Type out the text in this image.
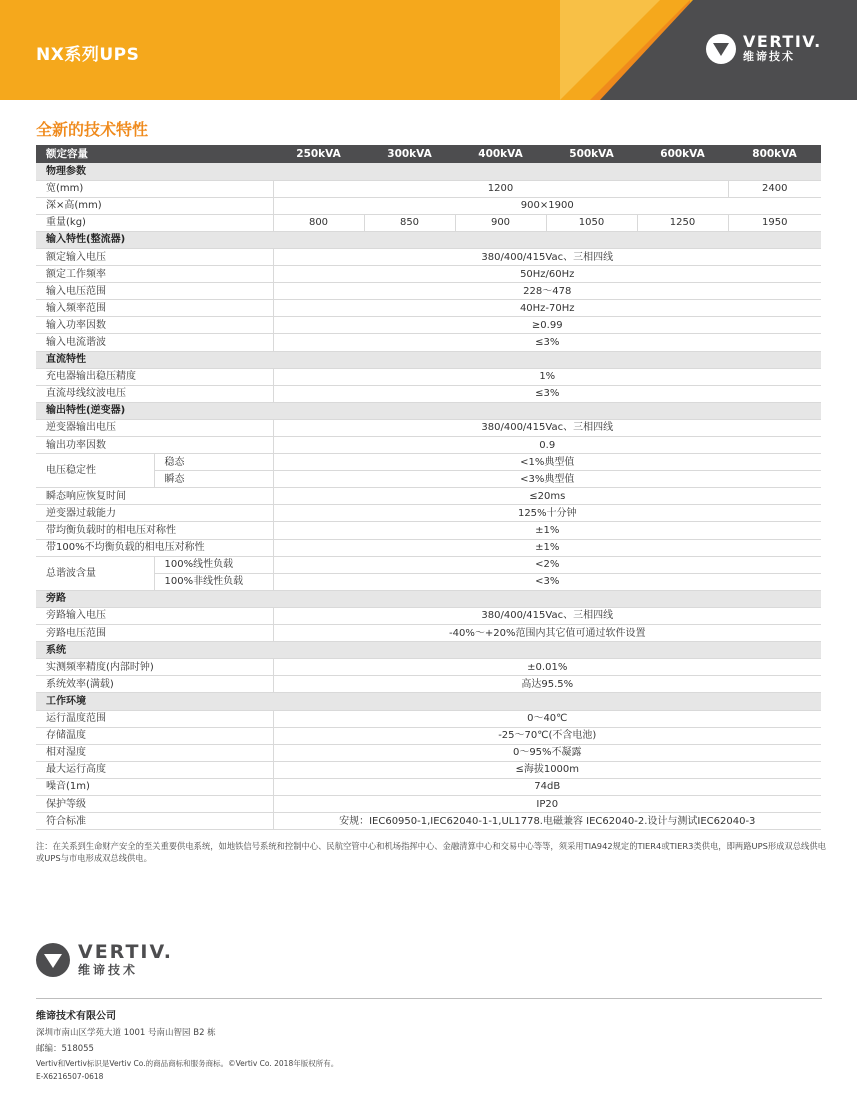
NX系列UPS
VERTIV.
维谛技术
全新的技术特性
额定容量		250kVA	300kVA	400kVA	500kVA	600kVA	800kVA
物理参数							
宽(mm)		1200					2400
深×高(mm)		900×1900					
重量(kg)		800	850	900	1050	1250	1950
输入特性(整流器)							
额定输入电压		380/400/415Vac、三相四线					
额定工作频率		50Hz/60Hz					
输入电压范围		228～478					
输入频率范围		40Hz-70Hz					
输入功率因数		≥0.99					
输入电流谐波		≤3%					
直流特性							
充电器输出稳压精度		1%					
直流母线纹波电压		≤3%					
输出特性(逆变器)							
逆变器输出电压		380/400/415Vac、三相四线					
输出功率因数		0.9					
电压稳定性	稳态	<1%典型值					
	瞬态	<3%典型值					
瞬态响应恢复时间		≤20ms					
逆变器过载能力		125%十分钟					
带均衡负载时的相电压对称性		±1%					
带100%不均衡负载的相电压对称性		±1%					
总谐波含量	100%线性负载	<2%					
	100%非线性负载	<3%					
旁路							
旁路输入电压		380/400/415Vac、三相四线					
旁路电压范围		-40%～+20%范围内其它值可通过软件设置					
系统							
实测频率精度(内部时钟)		±0.01%					
系统效率(满载)		高达95.5%					
工作环境							
运行温度范围		0～40℃					
存储温度		-25～70℃(不含电池)					
相对湿度		0～95%不凝露					
最大运行高度		≤海拔1000m					
噪音(1m)		74dB					
保护等级		IP20					
符合标准		安规：IEC60950-1,IEC62040-1-1,UL1778.电磁兼容 IEC62040-2.设计与测试IEC62040-3					
注：在关系到生命财产安全的至关重要供电系统，如地铁信号系统和控制中心、民航空管中心和机场指挥中心、金融清算中心和交易中心等等，须采用TIA942规定的TIER4或TIER3类供电，即两路UPS形成双总线供电或UPS与市电形成双总线供电。
VERTIV.
维谛技术
维谛技术有限公司
深圳市南山区学苑大道 1001 号南山智园 B2 栋
邮编：518055
Vertiv和Vertiv标识是Vertiv Co.的商品商标和服务商标。©Vertiv Co. 2018年版权所有。
E-X6216507-0618
